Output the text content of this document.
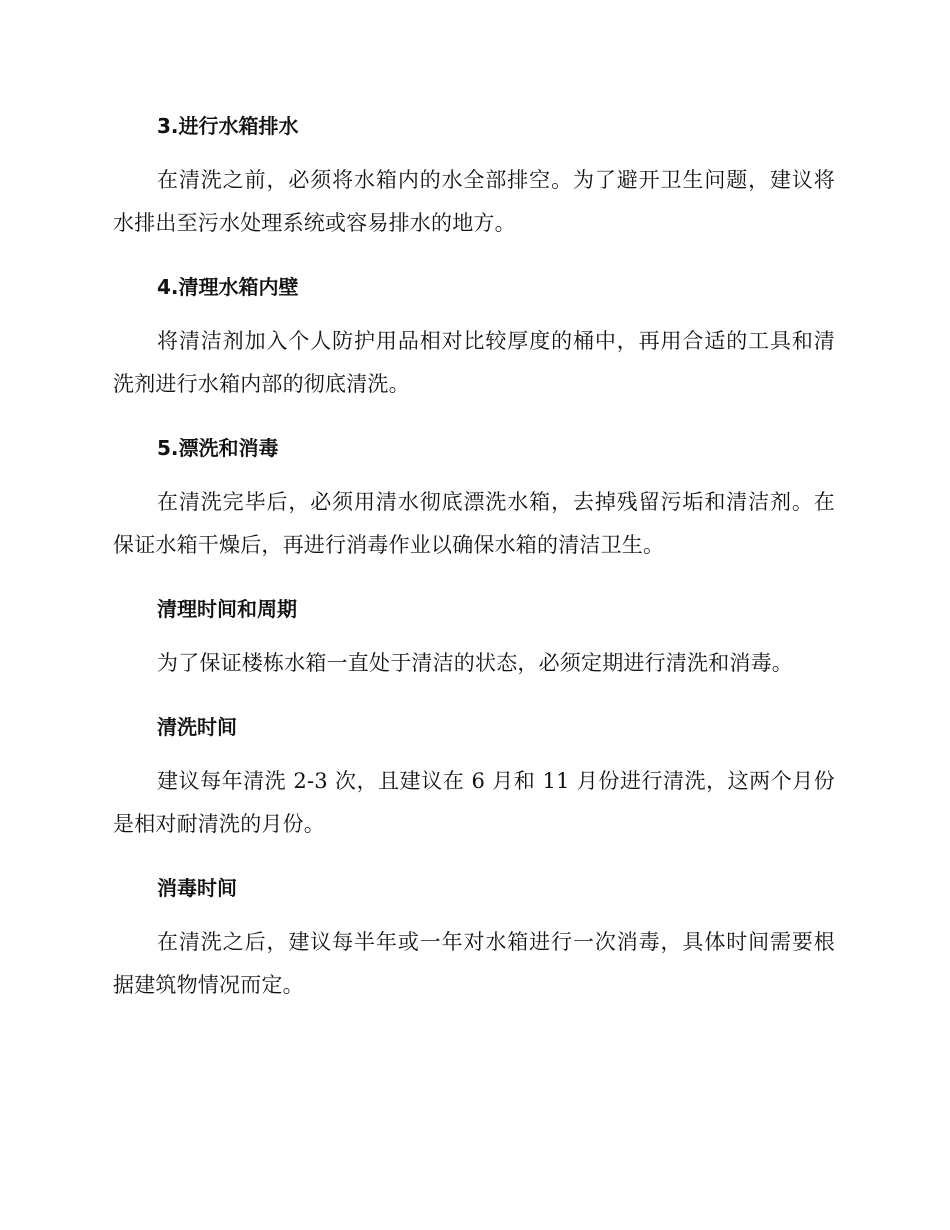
3.进行水箱排水

在清洗之前，必须将水箱内的水全部排空。为了避开卫生问题，建议将水排出至污水处理系统或容易排水的地方。

4.清理水箱内壁

将清洁剂加入个人防护用品相对比较厚度的桶中，再用合适的工具和清洗剂进行水箱内部的彻底清洗。

5.漂洗和消毒

在清洗完毕后，必须用清水彻底漂洗水箱，去掉残留污垢和清洁剂。在保证水箱干燥后，再进行消毒作业以确保水箱的清洁卫生。

清理时间和周期

为了保证楼栋水箱一直处于清洁的状态，必须定期进行清洗和消毒。

清洗时间

建议每年清洗 2-3 次，且建议在 6 月和 11 月份进行清洗，这两个月份是相对耐清洗的月份。

消毒时间

在清洗之后，建议每半年或一年对水箱进行一次消毒，具体时间需要根据建筑物情况而定。
